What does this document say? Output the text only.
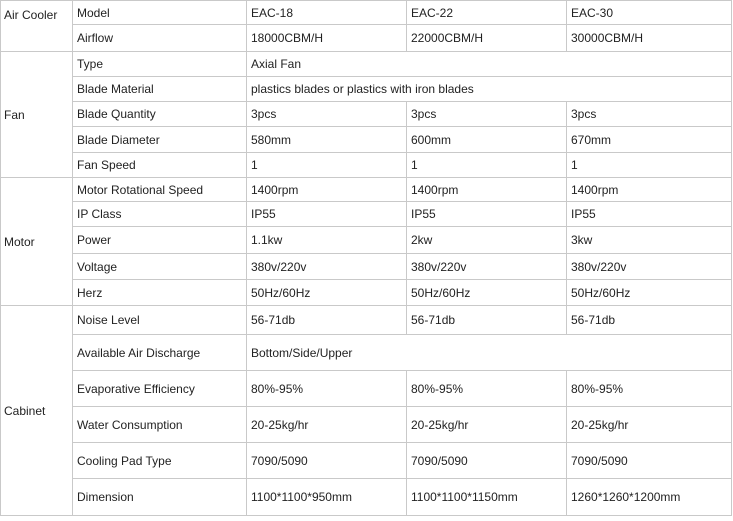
Air Cooler	Model	EAC-18	EAC-22	EAC-30
	Airflow	18000CBM/H	22000CBM/H	30000CBM/H
Fan	Type	Axial Fan		
	Blade Material	plastics blades or plastics with iron blades		
	Blade Quantity	3pcs	3pcs	3pcs
	Blade Diameter	580mm	600mm	670mm
	Fan Speed	1	1	1
Motor	Motor Rotational Speed	1400rpm	1400rpm	1400rpm
	IP Class	IP55	IP55	IP55
	Power	1.1kw	2kw	3kw
	Voltage	380v/220v	380v/220v	380v/220v
	Herz	50Hz/60Hz	50Hz/60Hz	50Hz/60Hz
Cabinet	Noise Level	56-71db	56-71db	56-71db
	Available Air Discharge	Bottom/Side/Upper		
	Evaporative Efficiency	80%-95%	80%-95%	80%-95%
	Water Consumption	20-25kg/hr	20-25kg/hr	20-25kg/hr
	Cooling Pad Type	7090/5090	7090/5090	7090/5090
	Dimension	1100*1100*950mm	1100*1100*1150mm	1260*1260*1200mm
